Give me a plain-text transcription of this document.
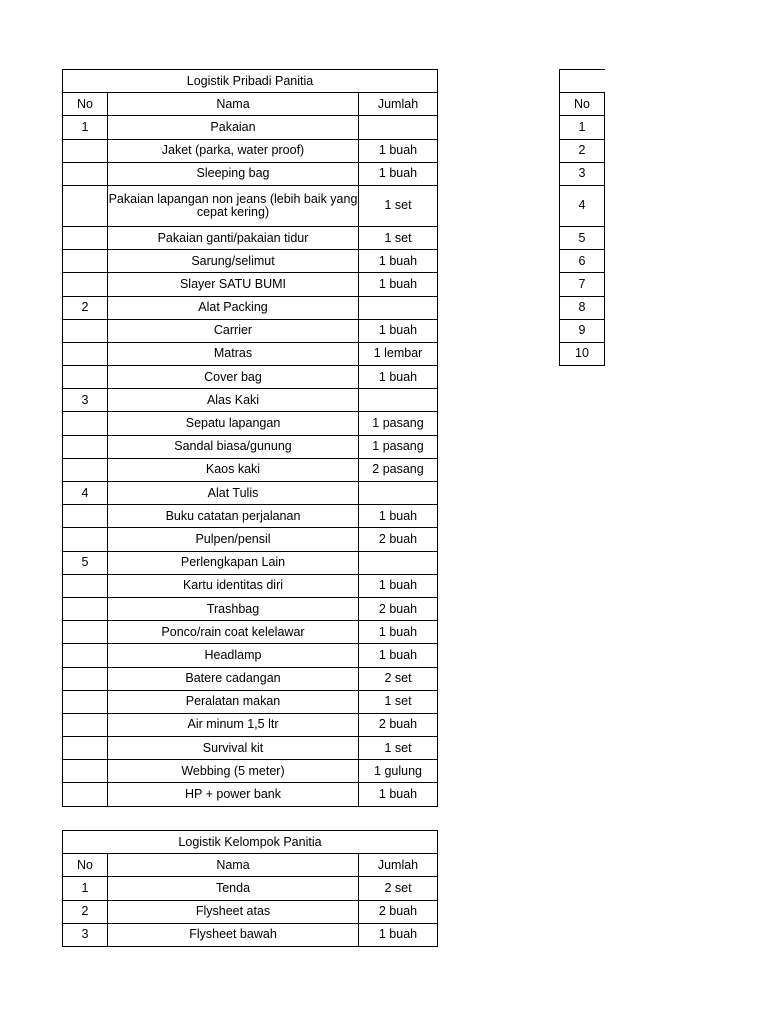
Logistik Pribadi Panitia		
No	Nama	Jumlah
1	Pakaian	
	Jaket (parka, water proof)	1 buah
	Sleeping bag	1 buah
	Pakaian lapangan non jeans (lebih baik yang cepat kering)	1 set
	Pakaian ganti/pakaian tidur	1 set
	Sarung/selimut	1 buah
	Slayer SATU BUMI	1 buah
2	Alat Packing	
	Carrier	1 buah
	Matras	1 lembar
	Cover bag	1 buah
3	Alas Kaki	
	Sepatu lapangan	1 pasang
	Sandal biasa/gunung	1 pasang
	Kaos kaki	2 pasang
4	Alat Tulis	
	Buku catatan perjalanan	1 buah
	Pulpen/pensil	2 buah
5	Perlengkapan Lain	
	Kartu identitas diri	1 buah
	Trashbag	2 buah
	Ponco/rain coat kelelawar	1 buah
	Headlamp	1 buah
	Batere cadangan	2 set
	Peralatan makan	1 set
	Air minum 1,5 ltr	2 buah
	Survival kit	1 set
	Webbing (5 meter)	1 gulung
	HP + power bank	1 buah
Logistik Kelompok Panitia		
No	Nama	Jumlah
1	Tenda	2 set
2	Flysheet atas	2 buah
3	Flysheet bawah	1 buah

No
1
2
3
4
5
6
7
8
9
10
